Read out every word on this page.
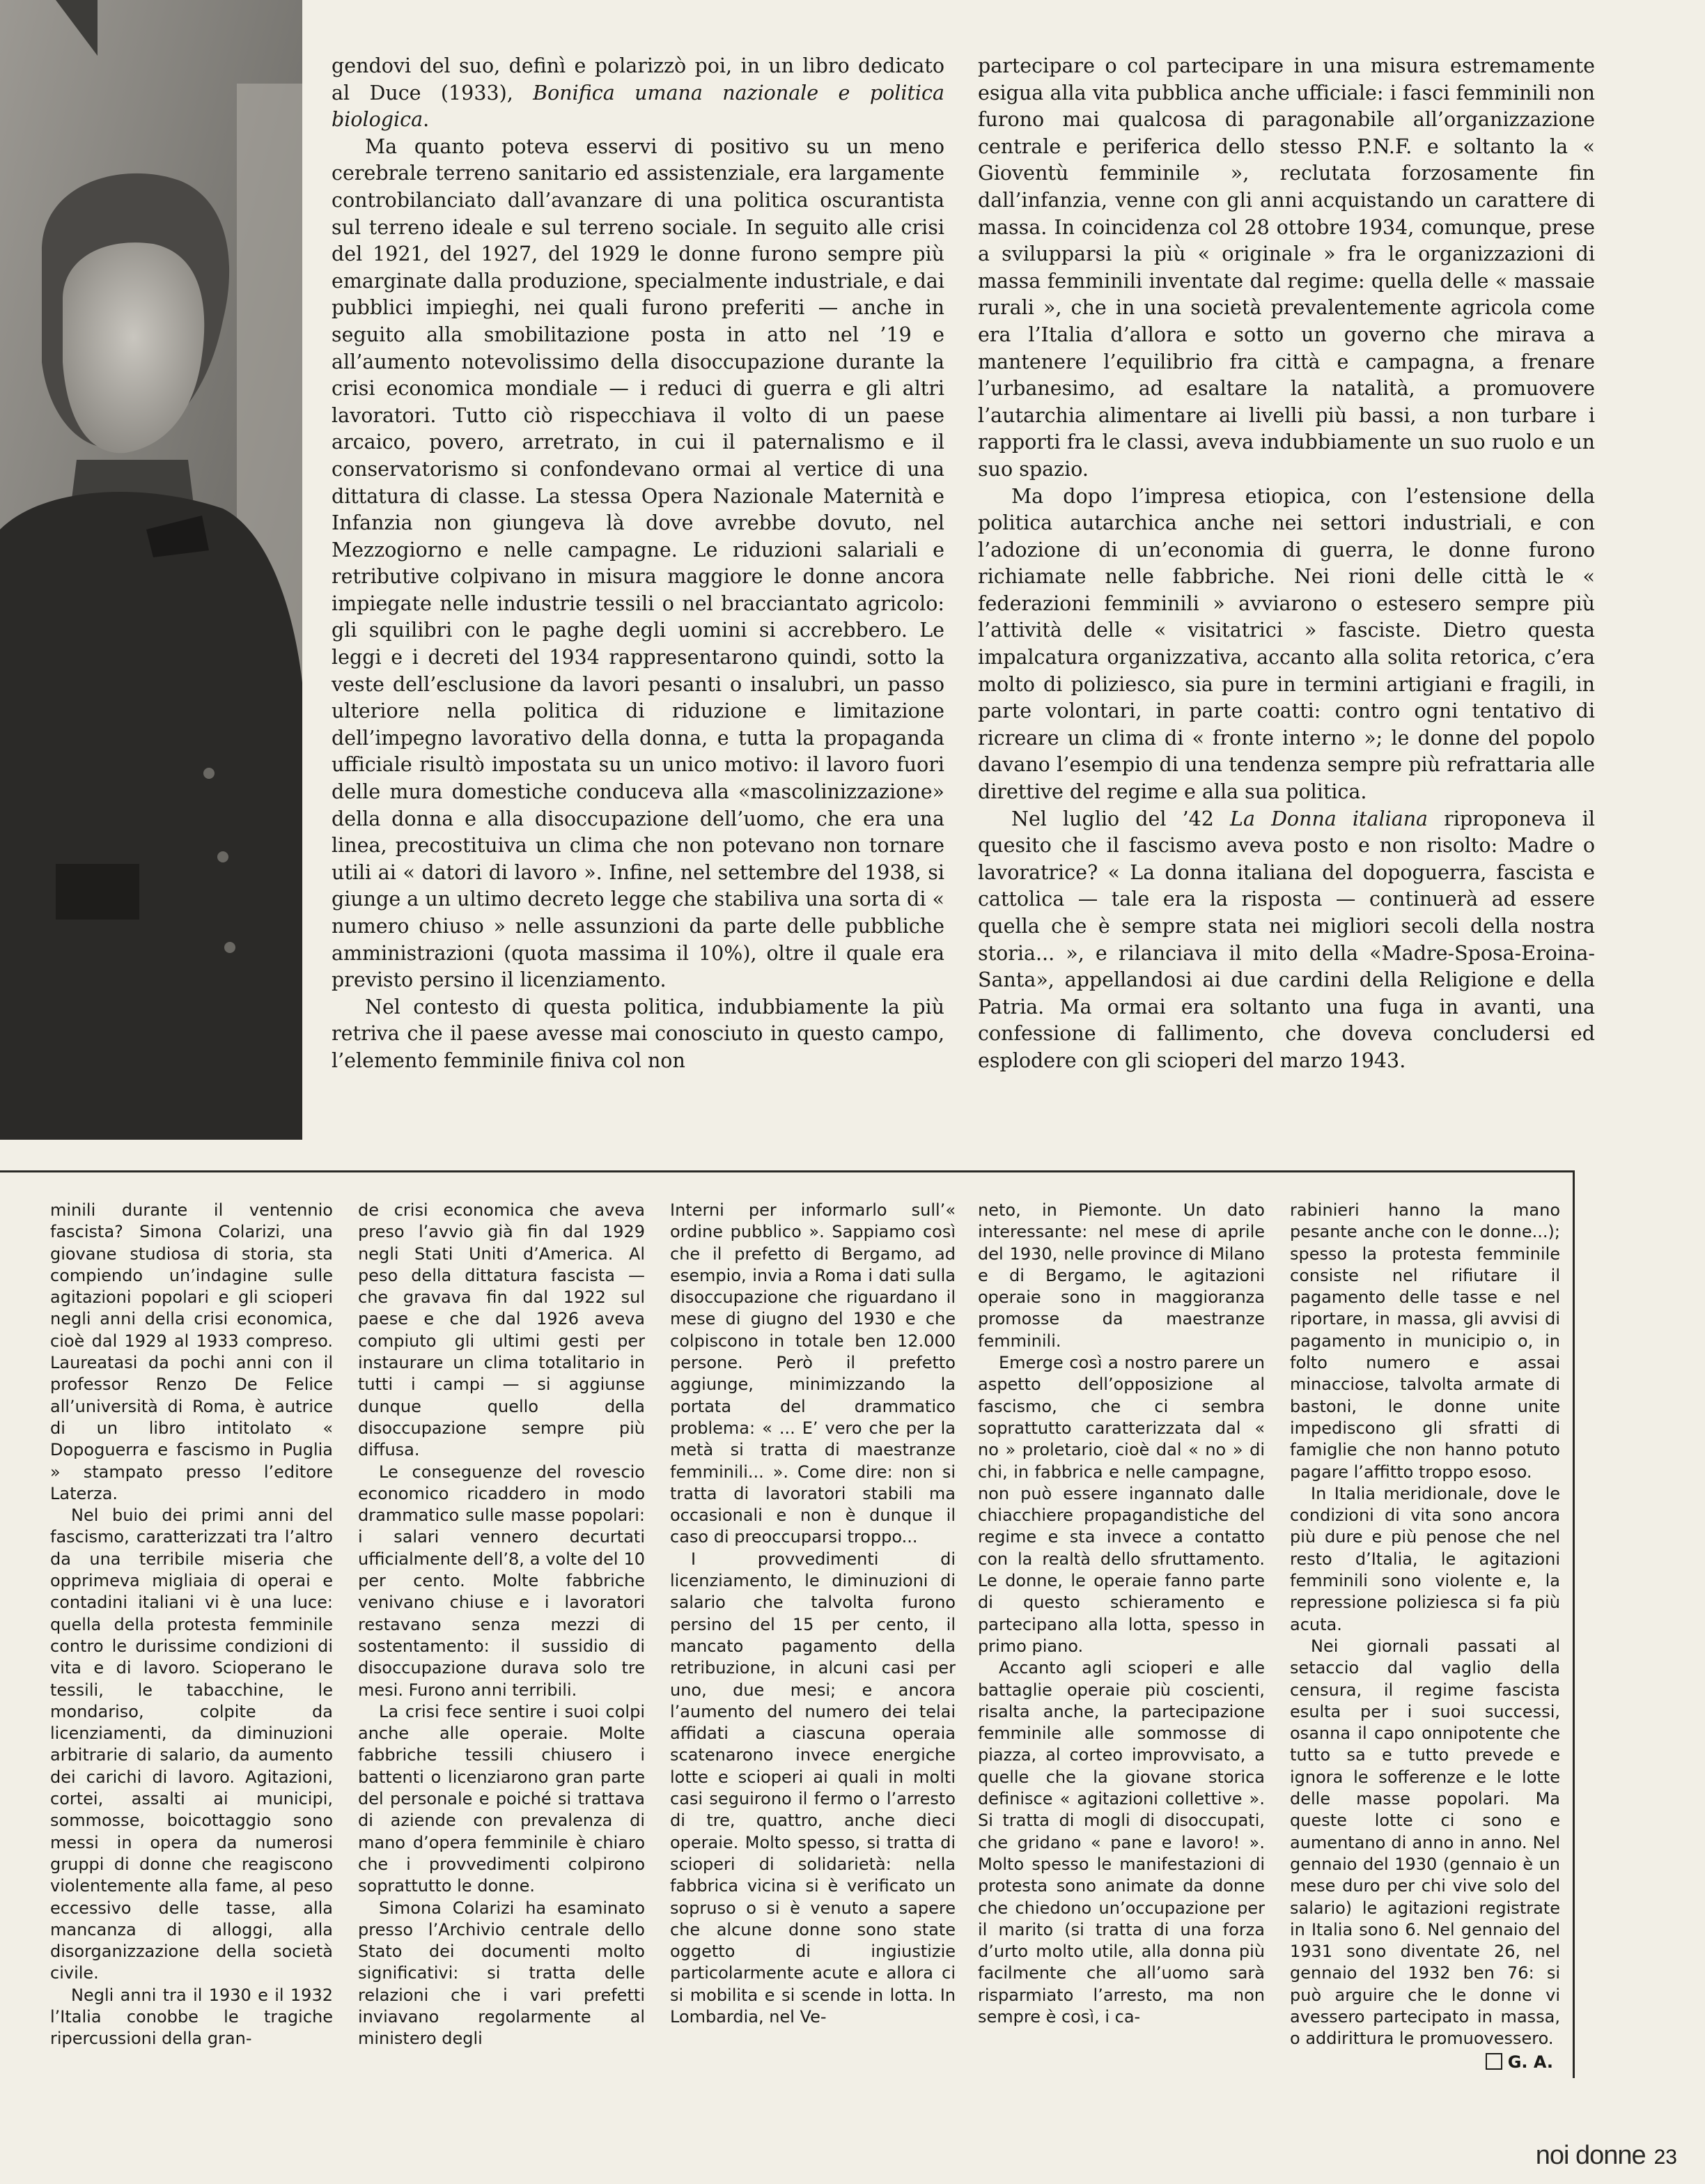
gendovi del suo, definì e polarizzò poi, in un libro dedicato al Duce (1933), Bonifica umana nazionale e politica biologica.

Ma quanto poteva esservi di positivo su un meno cerebrale terreno sanitario ed assistenziale, era largamente controbilanciato dall’avanzare di una politica oscurantista sul terreno ideale e sul terreno sociale. In seguito alle crisi del 1921, del 1927, del 1929 le donne furono sempre più emarginate dalla produzione, specialmente industriale, e dai pubblici impieghi, nei quali furono preferiti — anche in seguito alla smobilitazione posta in atto nel ’19 e all’aumento notevolissimo della disoccupazione durante la crisi economica mondiale — i reduci di guerra e gli altri lavoratori. Tutto ciò rispecchiava il volto di un paese arcaico, povero, arretrato, in cui il paternalismo e il conservatorismo si confondevano ormai al vertice di una dittatura di classe. La stessa Opera Nazionale Maternità e Infanzia non giungeva là dove avrebbe dovuto, nel Mezzogiorno e nelle campagne. Le riduzioni salariali e retributive colpivano in misura maggiore le donne ancora impiegate nelle industrie tessili o nel bracciantato agricolo: gli squilibri con le paghe degli uomini si accrebbero. Le leggi e i decreti del 1934 rappresentarono quindi, sotto la veste dell’esclusione da lavori pesanti o insalubri, un passo ulteriore nella politica di riduzione e limitazione dell’impegno lavorativo della donna, e tutta la propaganda ufficiale risultò impostata su un unico motivo: il lavoro fuori delle mura domestiche conduceva alla «mascolinizzazione» della donna e alla disoccupazione dell’uomo, che era una linea, precostituiva un clima che non potevano non tornare utili ai « datori di lavoro ». Infine, nel settembre del 1938, si giunge a un ultimo decreto legge che stabiliva una sorta di « numero chiuso » nelle assunzioni da parte delle pubbliche amministrazioni (quota massima il 10%), oltre il quale era previsto persino il licenziamento.

Nel contesto di questa politica, indubbiamente la più retriva che il paese avesse mai conosciuto in questo campo, l’elemento femminile finiva col non

partecipare o col partecipare in una misura estremamente esigua alla vita pubblica anche ufficiale: i fasci femminili non furono mai qualcosa di paragonabile all’organizzazione centrale e periferica dello stesso P.N.F. e soltanto la « Gioventù femminile », reclutata forzosamente fin dall’infanzia, venne con gli anni acquistando un carattere di massa. In coincidenza col 28 ottobre 1934, comunque, prese a svilupparsi la più « originale » fra le organizzazioni di massa femminili inventate dal regime: quella delle « massaie rurali », che in una società prevalentemente agricola come era l’Italia d’allora e sotto un governo che mirava a mantenere l’equilibrio fra città e campagna, a frenare l’urbanesimo, ad esaltare la natalità, a promuovere l’autarchia alimentare ai livelli più bassi, a non turbare i rapporti fra le classi, aveva indubbiamente un suo ruolo e un suo spazio.

Ma dopo l’impresa etiopica, con l’estensione della politica autarchica anche nei settori industriali, e con l’adozione di un’economia di guerra, le donne furono richiamate nelle fabbriche. Nei rioni delle città le « federazioni femminili » avviarono o estesero sempre più l’attività delle « visitatrici » fasciste. Dietro questa impalcatura organizzativa, accanto alla solita retorica, c’era molto di poliziesco, sia pure in termini artigiani e fragili, in parte volontari, in parte coatti: contro ogni tentativo di ricreare un clima di « fronte interno »; le donne del popolo davano l’esempio di una tendenza sempre più refrattaria alle direttive del regime e alla sua politica.

Nel luglio del ’42 La Donna italiana riproponeva il quesito che il fascismo aveva posto e non risolto: Madre o lavoratrice? « La donna italiana del dopoguerra, fascista e cattolica — tale era la risposta — continuerà ad essere quella che è sempre stata nei migliori secoli della nostra storia... », e rilanciava il mito della «Madre-Sposa-Eroina-Santa», appellandosi ai due cardini della Religione e della Patria. Ma ormai era soltanto una fuga in avanti, una confessione di fallimento, che doveva concludersi ed esplodere con gli scioperi del marzo 1943.

minili durante il ventennio fascista? Simona Colarizi, una giovane studiosa di storia, sta compiendo un’indagine sulle agitazioni popolari e gli scioperi negli anni della crisi economica, cioè dal 1929 al 1933 compreso. Laureatasi da pochi anni con il professor Renzo De Felice all’università di Roma, è autrice di un libro intitolato « Dopoguerra e fascismo in Puglia » stampato presso l’editore Laterza.

Nel buio dei primi anni del fascismo, caratterizzati tra l’altro da una terribile miseria che opprimeva migliaia di operai e contadini italiani vi è una luce: quella della protesta femminile contro le durissime condizioni di vita e di lavoro. Scioperano le tessili, le tabacchine, le mondariso, colpite da licenziamenti, da diminuzioni arbitrarie di salario, da aumento dei carichi di lavoro. Agitazioni, cortei, assalti ai municipi, sommosse, boicottaggio sono messi in opera da numerosi gruppi di donne che reagiscono violentemente alla fame, al peso eccessivo delle tasse, alla mancanza di alloggi, alla disorganizzazione della società civile.

Negli anni tra il 1930 e il 1932 l’Italia conobbe le tragiche ripercussioni della gran-

de crisi economica che aveva preso l’avvio già fin dal 1929 negli Stati Uniti d’America. Al peso della dittatura fascista — che gravava fin dal 1922 sul paese e che dal 1926 aveva compiuto gli ultimi gesti per instaurare un clima totalitario in tutti i campi — si aggiunse dunque quello della disoccupazione sempre più diffusa.

Le conseguenze del rovescio economico ricaddero in modo drammatico sulle masse popolari: i salari vennero decurtati ufficialmente dell’8, a volte del 10 per cento. Molte fabbriche venivano chiuse e i lavoratori restavano senza mezzi di sostentamento: il sussidio di disoccupazione durava solo tre mesi. Furono anni terribili.

La crisi fece sentire i suoi colpi anche alle operaie. Molte fabbriche tessili chiusero i battenti o licenziarono gran parte del personale e poiché si trattava di aziende con prevalenza di mano d’opera femminile è chiaro che i provvedimenti colpirono soprattutto le donne.

Simona Colarizi ha esaminato presso l’Archivio centrale dello Stato dei documenti molto significativi: si tratta delle relazioni che i vari prefetti inviavano regolarmente al ministero degli

Interni per informarlo sull’« ordine pubblico ». Sappiamo così che il prefetto di Bergamo, ad esempio, invia a Roma i dati sulla disoccupazione che riguardano il mese di giugno del 1930 e che colpiscono in totale ben 12.000 persone. Però il prefetto aggiunge, minimizzando la portata del drammatico problema: « ... E’ vero che per la metà si tratta di maestranze femminili... ». Come dire: non si tratta di lavoratori stabili ma occasionali e non è dunque il caso di preoccuparsi troppo...

I provvedimenti di licenziamento, le diminuzioni di salario che talvolta furono persino del 15 per cento, il mancato pagamento della retribuzione, in alcuni casi per uno, due mesi; e ancora l’aumento del numero dei telai affidati a ciascuna operaia scatenarono invece energiche lotte e scioperi ai quali in molti casi seguirono il fermo o l’arresto di tre, quattro, anche dieci operaie. Molto spesso, si tratta di scioperi di solidarietà: nella fabbrica vicina si è verificato un sopruso o si è venuto a sapere che alcune donne sono state oggetto di ingiustizie particolarmente acute e allora ci si mobilita e si scende in lotta. In Lombardia, nel Ve-

neto, in Piemonte. Un dato interessante: nel mese di aprile del 1930, nelle province di Milano e di Bergamo, le agitazioni operaie sono in maggioranza promosse da maestranze femminili.

Emerge così a nostro parere un aspetto dell’opposizione al fascismo, che ci sembra soprattutto caratterizzata dal « no » proletario, cioè dal « no » di chi, in fabbrica e nelle campagne, non può essere ingannato dalle chiacchiere propagandistiche del regime e sta invece a contatto con la realtà dello sfruttamento. Le donne, le operaie fanno parte di questo schieramento e partecipano alla lotta, spesso in primo piano.

Accanto agli scioperi e alle battaglie operaie più coscienti, risalta anche, la partecipazione femminile alle sommosse di piazza, al corteo improvvisato, a quelle che la giovane storica definisce « agitazioni collettive ». Si tratta di mogli di disoccupati, che gridano « pane e lavoro! ». Molto spesso le manifestazioni di protesta sono animate da donne che chiedono un’occupazione per il marito (si tratta di una forza d’urto molto utile, alla donna più facilmente che all’uomo sarà risparmiato l’arresto, ma non sempre è così, i ca-

rabinieri hanno la mano pesante anche con le donne...); spesso la protesta femminile consiste nel rifiutare il pagamento delle tasse e nel riportare, in massa, gli avvisi di pagamento in municipio o, in folto numero e assai minacciose, talvolta armate di bastoni, le donne unite impediscono gli sfratti di famiglie che non hanno potuto pagare l’affitto troppo esoso.

In Italia meridionale, dove le condizioni di vita sono ancora più dure e più penose che nel resto d’Italia, le agitazioni femminili sono violente e, la repressione poliziesca si fa più acuta.

Nei giornali passati al setaccio dal vaglio della censura, il regime fascista esulta per i suoi successi, osanna il capo onnipotente che tutto sa e tutto prevede e ignora le sofferenze e le lotte delle masse popolari. Ma queste lotte ci sono e aumentano di anno in anno. Nel gennaio del 1930 (gennaio è un mese duro per chi vive solo del salario) le agitazioni registrate in Italia sono 6. Nel gennaio del 1931 sono diventate 26, nel gennaio del 1932 ben 76: si può arguire che le donne vi avessero partecipato in massa, o addirittura le promuovessero.

G. A.
noi donne 23
